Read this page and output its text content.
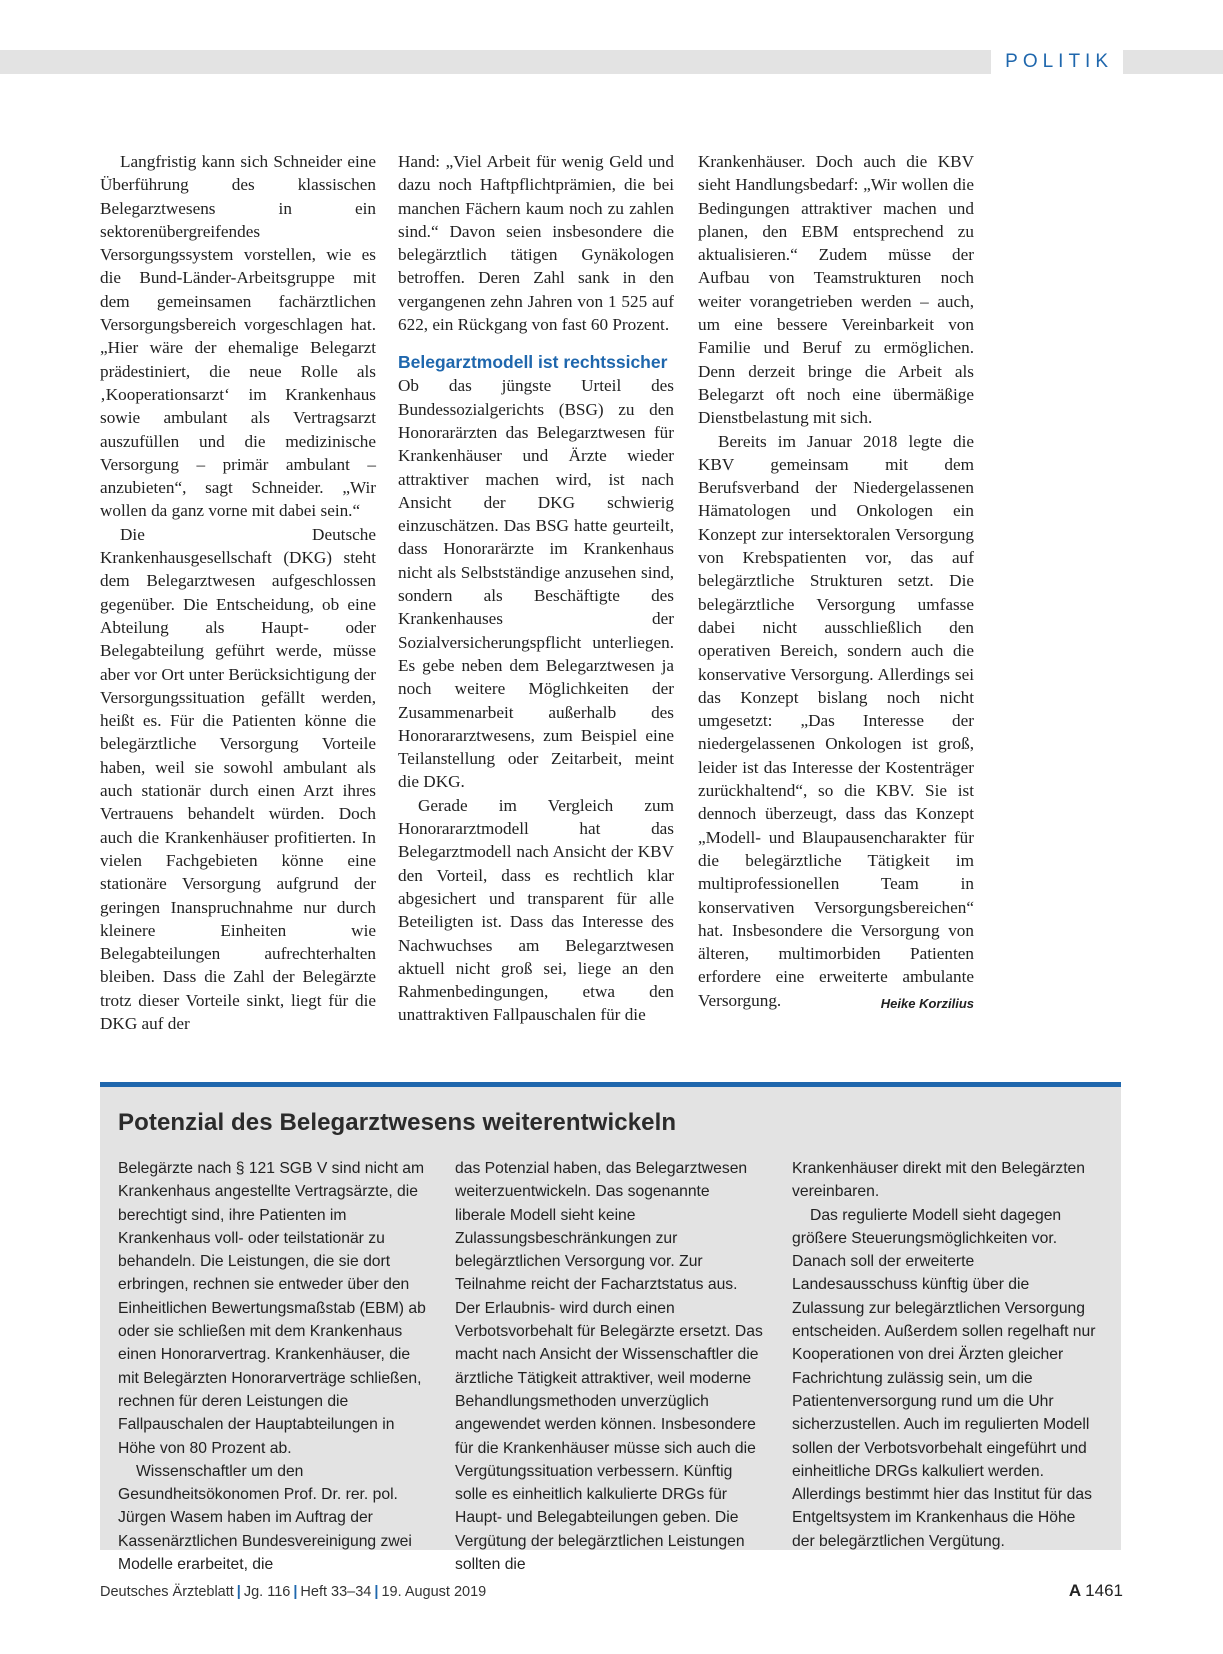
POLITIK

Langfristig kann sich Schneider eine Überführung des klassischen Belegarztwesens in ein sektorenübergreifendes Versorgungssystem vorstellen, wie es die Bund-Länder-Arbeitsgruppe mit dem gemeinsamen fachärztlichen Versorgungsbereich vorgeschlagen hat. „Hier wäre der ehemalige Belegarzt prädestiniert, die neue Rolle als ‚Kooperationsarzt‘ im Krankenhaus sowie ambulant als Vertragsarzt auszufüllen und die medizinische Versorgung – primär ambulant – anzubieten“, sagt Schneider. „Wir wollen da ganz vorne mit dabei sein.“

Die Deutsche Krankenhausgesellschaft (DKG) steht dem Belegarztwesen aufgeschlossen gegenüber. Die Entscheidung, ob eine Abteilung als Haupt- oder Belegabteilung geführt werde, müsse aber vor Ort unter Berücksichtigung der Versorgungssituation gefällt werden, heißt es. Für die Patienten könne die belegärztliche Versorgung Vorteile haben, weil sie sowohl ambulant als auch stationär durch einen Arzt ihres Vertrauens behandelt würden. Doch auch die Krankenhäuser profitierten. In vielen Fachgebieten könne eine stationäre Versorgung aufgrund der geringen Inanspruchnahme nur durch kleinere Einheiten wie Belegabteilungen aufrechterhalten bleiben. Dass die Zahl der Belegärzte trotz dieser Vorteile sinkt, liegt für die DKG auf der

Hand: „Viel Arbeit für wenig Geld und dazu noch Haftpflichtprämien, die bei manchen Fächern kaum noch zu zahlen sind.“ Davon seien insbesondere die belegärztlich tätigen Gynäkologen betroffen. Deren Zahl sank in den vergangenen zehn Jahren von 1 525 auf 622, ein Rückgang von fast 60 Prozent.

Belegarztmodell ist rechtssicher

Ob das jüngste Urteil des Bundessozialgerichts (BSG) zu den Honorarärzten das Belegarztwesen für Krankenhäuser und Ärzte wieder attraktiver machen wird, ist nach Ansicht der DKG schwierig einzuschätzen. Das BSG hatte geurteilt, dass Honorarärzte im Krankenhaus nicht als Selbstständige anzusehen sind, sondern als Beschäftigte des Krankenhauses der Sozialversicherungspflicht unterliegen. Es gebe neben dem Belegarztwesen ja noch weitere Möglichkeiten der Zusammenarbeit außerhalb des Honorararztwesens, zum Beispiel eine Teilanstellung oder Zeitarbeit, meint die DKG.

Gerade im Vergleich zum Honorararztmodell hat das Belegarztmodell nach Ansicht der KBV den Vorteil, dass es rechtlich klar abgesichert und transparent für alle Beteiligten ist. Dass das Interesse des Nachwuchses am Belegarztwesen aktuell nicht groß sei, liege an den Rahmenbedingungen, etwa den unattraktiven Fallpauschalen für die

Krankenhäuser. Doch auch die KBV sieht Handlungsbedarf: „Wir wollen die Bedingungen attraktiver machen und planen, den EBM entsprechend zu aktualisieren.“ Zudem müsse der Aufbau von Teamstrukturen noch weiter vorangetrieben werden – auch, um eine bessere Vereinbarkeit von Familie und Beruf zu ermöglichen. Denn derzeit bringe die Arbeit als Belegarzt oft noch eine übermäßige Dienstbelastung mit sich.

Bereits im Januar 2018 legte die KBV gemeinsam mit dem Berufsverband der Niedergelassenen Hämatologen und Onkologen ein Konzept zur intersektoralen Versorgung von Krebspatienten vor, das auf belegärztliche Strukturen setzt. Die belegärztliche Versorgung umfasse dabei nicht ausschließlich den operativen Bereich, sondern auch die konservative Versorgung. Allerdings sei das Konzept bislang noch nicht umgesetzt: „Das Interesse der niedergelassenen Onkologen ist groß, leider ist das Interesse der Kostenträger zurückhaltend“, so die KBV. Sie ist dennoch überzeugt, dass das Konzept „Modell- und Blaupausencharakter für die belegärztliche Tätigkeit im multiprofessionellen Team in konservativen Versorgungsbereichen“ hat. Insbesondere die Versorgung von älteren, multimorbiden Patienten erfordere eine erweiterte ambulante Versorgung.	Heike Korzilius

Potenzial des Belegarztwesens weiterentwickeln

Belegärzte nach § 121 SGB V sind nicht am Krankenhaus angestellte Vertragsärzte, die berechtigt sind, ihre Patienten im Krankenhaus voll- oder teilstationär zu behandeln. Die Leistungen, die sie dort erbringen, rechnen sie entweder über den Einheitlichen Bewertungsmaßstab (EBM) ab oder sie schließen mit dem Krankenhaus einen Honorarvertrag. Krankenhäuser, die mit Belegärzten Honorarverträge schließen, rechnen für deren Leistungen die Fallpauschalen der Hauptabteilungen in Höhe von 80 Prozent ab.

Wissenschaftler um den Gesundheitsökonomen Prof. Dr. rer. pol. Jürgen Wasem haben im Auftrag der Kassenärztlichen Bundesvereinigung zwei Modelle erarbeitet, die

das Potenzial haben, das Belegarztwesen weiterzuentwickeln. Das sogenannte liberale Modell sieht keine Zulassungsbeschränkungen zur belegärztlichen Versorgung vor. Zur Teilnahme reicht der Facharztstatus aus. Der Erlaubnis- wird durch einen Verbotsvorbehalt für Belegärzte ersetzt. Das macht nach Ansicht der Wissenschaftler die ärztliche Tätigkeit attraktiver, weil moderne Behandlungsmethoden unverzüglich angewendet werden können. Insbesondere für die Krankenhäuser müsse sich auch die Vergütungssituation verbessern. Künftig solle es einheitlich kalkulierte DRGs für Haupt- und Belegabteilungen geben. Die Vergütung der belegärztlichen Leistungen sollten die

Krankenhäuser direkt mit den Belegärzten vereinbaren.

Das regulierte Modell sieht dagegen größere Steuerungsmöglichkeiten vor. Danach soll der erweiterte Landesausschuss künftig über die Zulassung zur belegärztlichen Versorgung entscheiden. Außerdem sollen regelhaft nur Kooperationen von drei Ärzten gleicher Fachrichtung zulässig sein, um die Patientenversorgung rund um die Uhr sicherzustellen. Auch im regulierten Modell sollen der Verbotsvorbehalt eingeführt und einheitliche DRGs kalkuliert werden. Allerdings bestimmt hier das Institut für das Entgeltsystem im Krankenhaus die Höhe der belegärztlichen Vergütung.

Deutsches Ärzteblatt | Jg. 116 | Heft 33–34 | 19. August 2019	A 1461
